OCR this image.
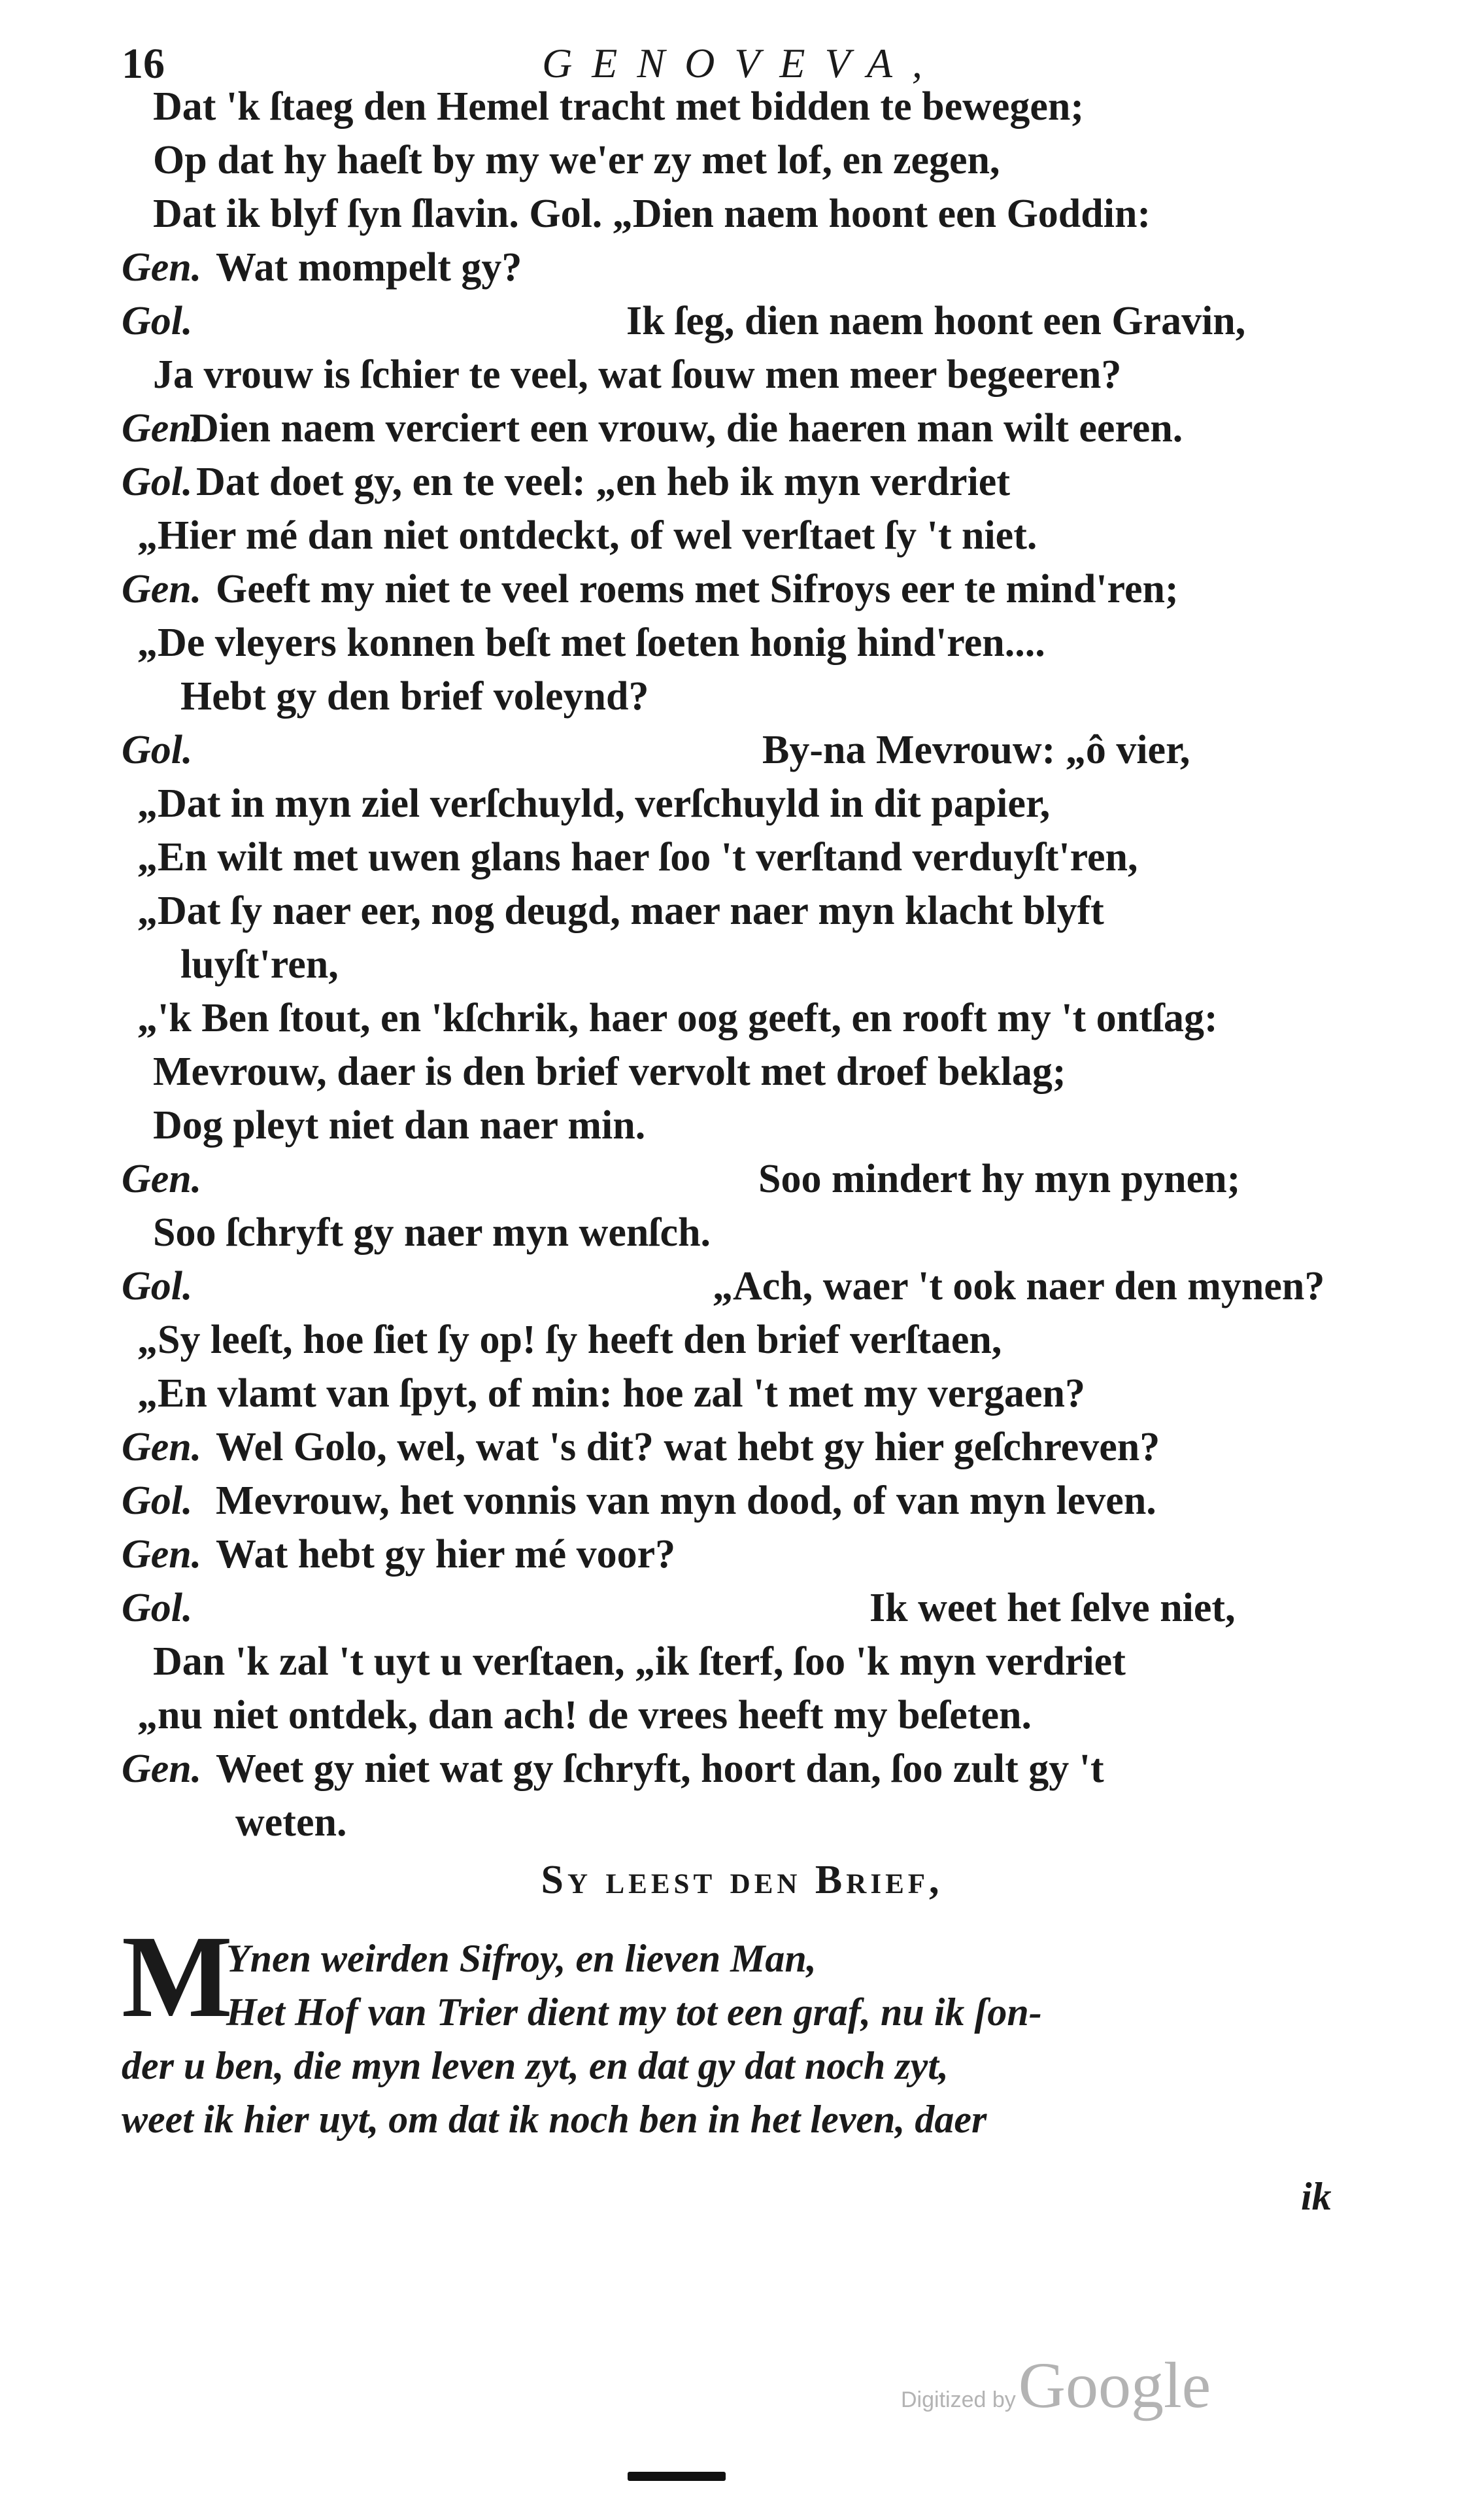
16	GENOVEVA,
Dat 'k ſtaeg den Hemel tracht met bidden te bewegen;
Op dat hy haeſt by my we'er zy met lof, en zegen,
Dat ik blyf ſyn ſlavin. Gol. „Dien naem hoont een Goddin:
Gen. Wat mompelt gy?
Gol.	Ik ſeg, dien naem hoont een Gravin,
Ja vrouw is ſchier te veel, wat ſouw men meer begeeren?
Gen.
Dien naem verciert een vrouw, die haeren man wilt eeren.
Gol. Dat doet gy, en te veel: „en heb ik myn verdriet
„Hier mé dan niet ontdeckt, of wel verſtaet ſy 't niet.
Gen. Geeft my niet te veel roems met Sifroys eer te mind'ren;
„De vleyers konnen beſt met ſoeten honig hind'ren....
Hebt gy den brief voleynd?
Gol.	By-na Mevrouw: „ô vier,
„Dat in myn ziel verſchuyld, verſchuyld in dit papier,
„En wilt met uwen glans haer ſoo 't verſtand verduyſt'ren,
„Dat ſy naer eer, nog deugd, maer naer myn klacht blyft
luyſt'ren,
„'k Ben ſtout, en 'kſchrik, haer oog geeft, en rooft my 't ontſag:
Mevrouw, daer is den brief vervolt met droef beklag;
Dog pleyt niet dan naer min.
Gen.	Soo mindert hy myn pynen;
Soo ſchryft gy naer myn wenſch.
Gol.	„Ach, waer 't ook naer den mynen?
„Sy leeſt, hoe ſiet ſy op! ſy heeft den brief verſtaen,
„En vlamt van ſpyt, of min: hoe zal 't met my vergaen?
Gen. Wel Golo, wel, wat 's dit? wat hebt gy hier geſchreven?
Gol. Mevrouw, het vonnis van myn dood, of van myn leven.
Gen. Wat hebt gy hier mé voor?
Gol.	Ik weet het ſelve niet,
Dan 'k zal 't uyt u verſtaen, „ik ſterf, ſoo 'k myn verdriet
„nu niet ontdek, dan ach! de vrees heeft my beſeten.
Gen. Weet gy niet wat gy ſchryft, hoort dan, ſoo zult gy 't
weten.
Sy leest den Brief,
M
Ynen weirden Sifroy, en lieven Man,
Het Hof van Trier dient my tot een graf, nu ik ſon-
der u ben, die myn leven zyt, en dat gy dat noch zyt,
weet ik hier uyt, om dat ik noch ben in het leven, daer
ik
Digitized by Google
